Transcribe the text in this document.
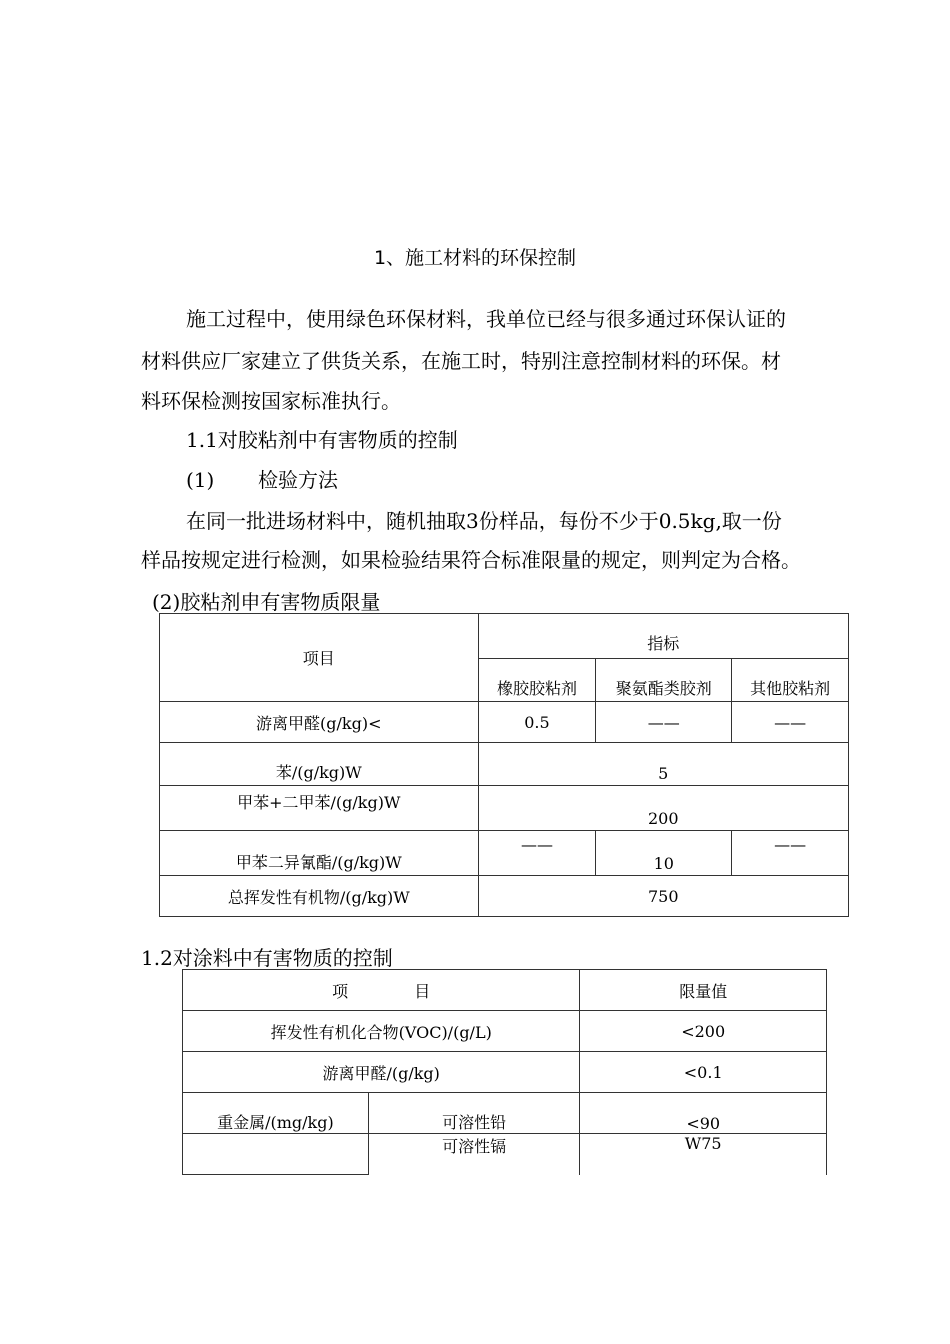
1、施工材料的环保控制
施工过程中，使用绿色环保材料，我单位已经与很多通过环保认证的
材料供应厂家建立了供货关系，在施工时，特别注意控制材料的环保。材
料环保检测按国家标准执行。
1.1对胶粘剂中有害物质的控制
(1) 检验方法
在同一批进场材料中，随机抽取3份样品，每份不少于0.5kg,取一份
样品按规定进行检测，如果检验结果符合标准限量的规定，则判定为合格。
(2)胶粘剂申有害物质限量
项目	指标		
	橡胶胶粘剂	聚氨酯类胶剂	其他胶粘剂
游离甲醛(g/kg)<	0.5	——	——
苯/(g/kg)W	5		
甲苯+二甲苯/(g/kg)W	200		
甲苯二异氰酯/(g/kg)W	——	10	——
总挥发性有机物/(g/kg)W	750		
1.2对涂料中有害物质的控制
项 目		限量值
挥发性有机化合物(VOC)/(g/L)		<200
游离甲醛/(g/kg)		<0.1
重金属/(mg/kg)	可溶性铅	<90
	可溶性镉	W75
